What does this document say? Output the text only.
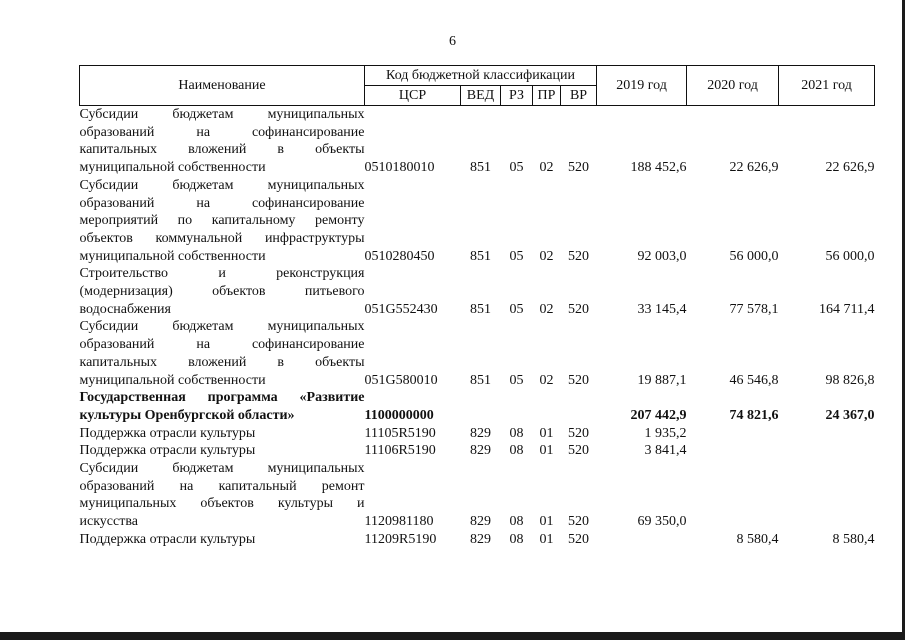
6
Наименование	Код бюджетной классификации					2019 год	2020 год	2021 год
	ЦСР	ВЕД	РЗ	ПР	ВР			
Субсидии бюджетам муниципальных образований на софинансирование капитальных вложений в объекты муниципальной собственности	0510180010	851	05	02	520	188 452,6	22 626,9	22 626,9
Субсидии бюджетам муниципальных образований на софинансирование мероприятий по капитальному ремонту объектов коммунальной инфраструктуры муниципальной собственности	0510280450	851	05	02	520	92 003,0	56 000,0	56 000,0
Строительство и реконструкция (модернизация) объектов питьевого водоснабжения	051G552430	851	05	02	520	33 145,4	77 578,1	164 711,4
Субсидии бюджетам муниципальных образований на софинансирование капитальных вложений в объекты муниципальной собственности	051G580010	851	05	02	520	19 887,1	46 546,8	98 826,8
Государственная программа «Развитие культуры Оренбургской области»	1100000000					207 442,9	74 821,6	24 367,0
Поддержка отрасли культуры	11105R5190	829	08	01	520	1 935,2		
Поддержка отрасли культуры	11106R5190	829	08	01	520	3 841,4		
Субсидии бюджетам муниципальных образований на капитальный ремонт муниципальных объектов культуры и искусства	1120981180	829	08	01	520	69 350,0		
Поддержка отрасли культуры	11209R5190	829	08	01	520		8 580,4	8 580,4
